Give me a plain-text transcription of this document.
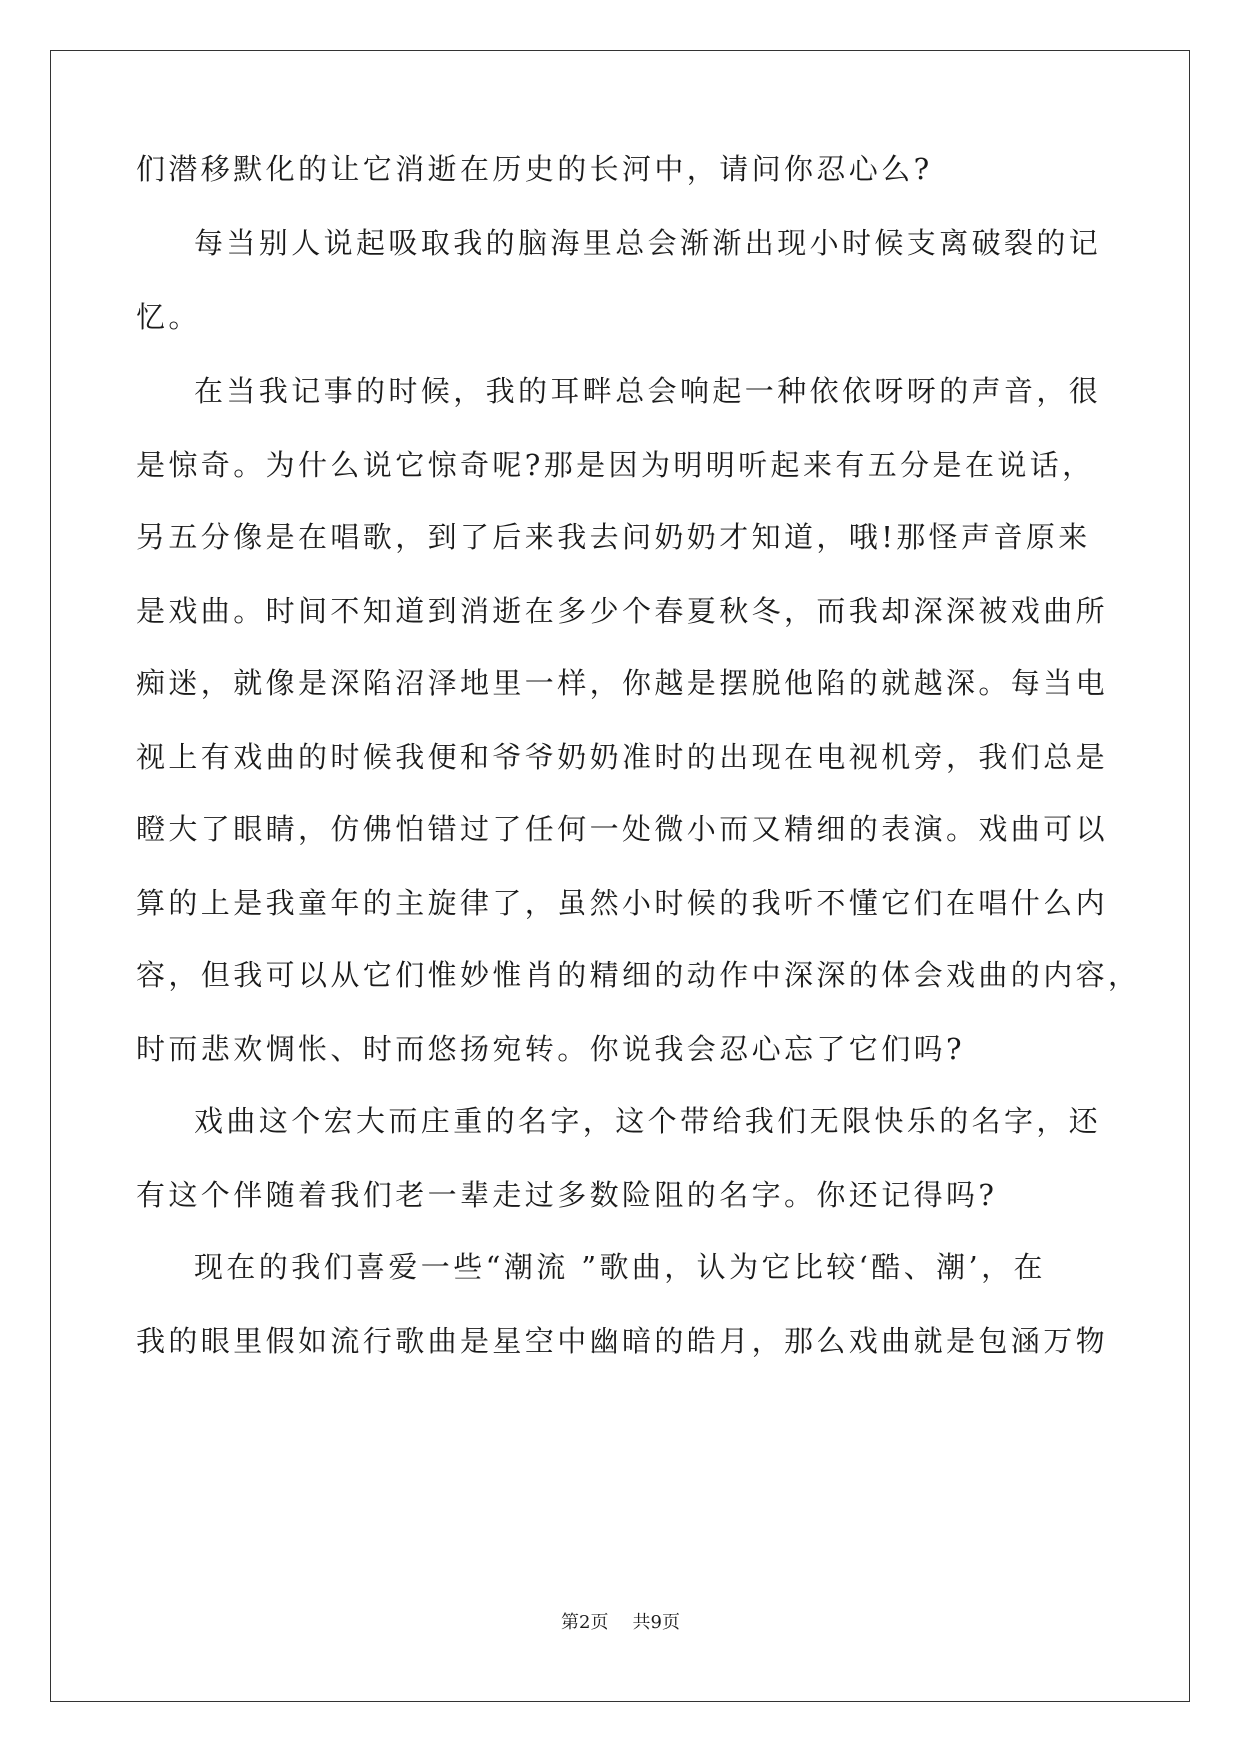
们潜移默化的让它消逝在历史的长河中，请问你忍心么?
每当别人说起吸取我的脑海里总会渐渐出现小时候支离破裂的记
忆。
在当我记事的时候，我的耳畔总会响起一种依依呀呀的声音，很
是惊奇。为什么说它惊奇呢?那是因为明明听起来有五分是在说话，
另五分像是在唱歌，到了后来我去问奶奶才知道，哦!那怪声音原来
是戏曲。时间不知道到消逝在多少个春夏秋冬，而我却深深被戏曲所
痴迷，就像是深陷沼泽地里一样，你越是摆脱他陷的就越深。每当电
视上有戏曲的时候我便和爷爷奶奶准时的出现在电视机旁，我们总是
瞪大了眼睛，仿佛怕错过了任何一处微小而又精细的表演。戏曲可以
算的上是我童年的主旋律了，虽然小时候的我听不懂它们在唱什么内
容，但我可以从它们惟妙惟肖的精细的动作中深深的体会戏曲的内容，
时而悲欢惆怅、时而悠扬宛转。你说我会忍心忘了它们吗?
戏曲这个宏大而庄重的名字，这个带给我们无限快乐的名字，还
有这个伴随着我们老一辈走过多数险阻的名字。你还记得吗?
现在的我们喜爱一些“潮流 ”歌曲，认为它比较‘酷、潮’，在
我的眼里假如流行歌曲是星空中幽暗的皓月，那么戏曲就是包涵万物
第2页 共9页
